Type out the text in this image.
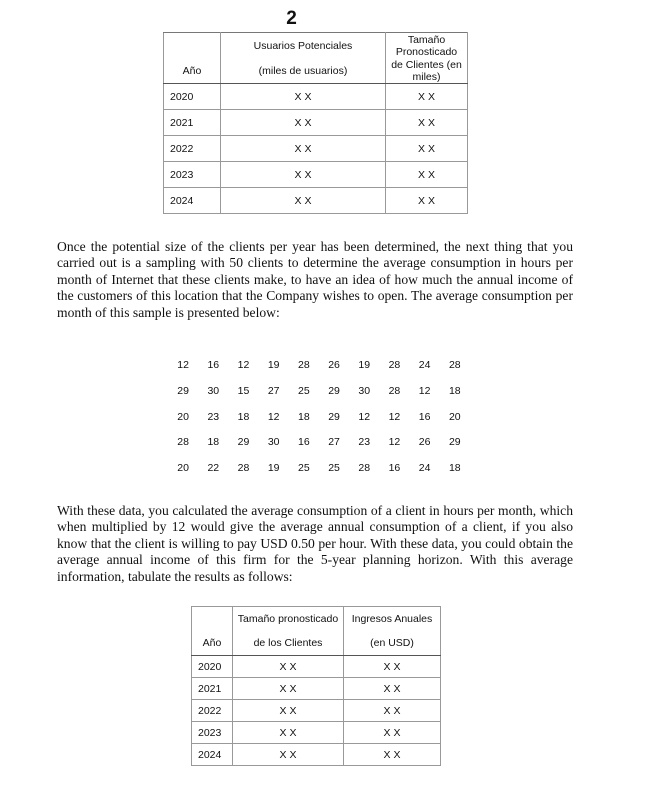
2
	Usuarios Potenciales	Tamaño Pronosticado
Año	(miles de usuarios)	de Clientes (en miles)
2020	X X	X X
2021	X X	X X
2022	X X	X X
2023	X X	X X
2024	X X	X X

Once the potential size of the clients per year has been determined, the next thing that you carried out is a sampling with 50 clients to determine the average consumption in hours per month of Internet that these clients make, to have an idea of how much the annual income of the customers of this location that the Company wishes to open. The average consumption per month of this sample is presented below:

12	16	12	19	28	26	19	28	24	28
29	30	15	27	25	29	30	28	12	18
20	23	18	12	18	29	12	12	16	20
28	18	29	30	16	27	23	12	26	29
20	22	28	19	25	25	28	16	24	18

With these data, you calculated the average consumption of a client in hours per month, which when multiplied by 12 would give the average annual consumption of a client, if you also know that the client is willing to pay USD 0.50 per hour. With these data, you could obtain the average annual income of this firm for the 5-year planning horizon. With this average information, tabulate the results as follows:

	Tamaño pronosticado	Ingresos Anuales
Año	de los Clientes	(en USD)
2020	X X	X X
2021	X X	X X
2022	X X	X X
2023	X X	X X
2024	X X	X X
